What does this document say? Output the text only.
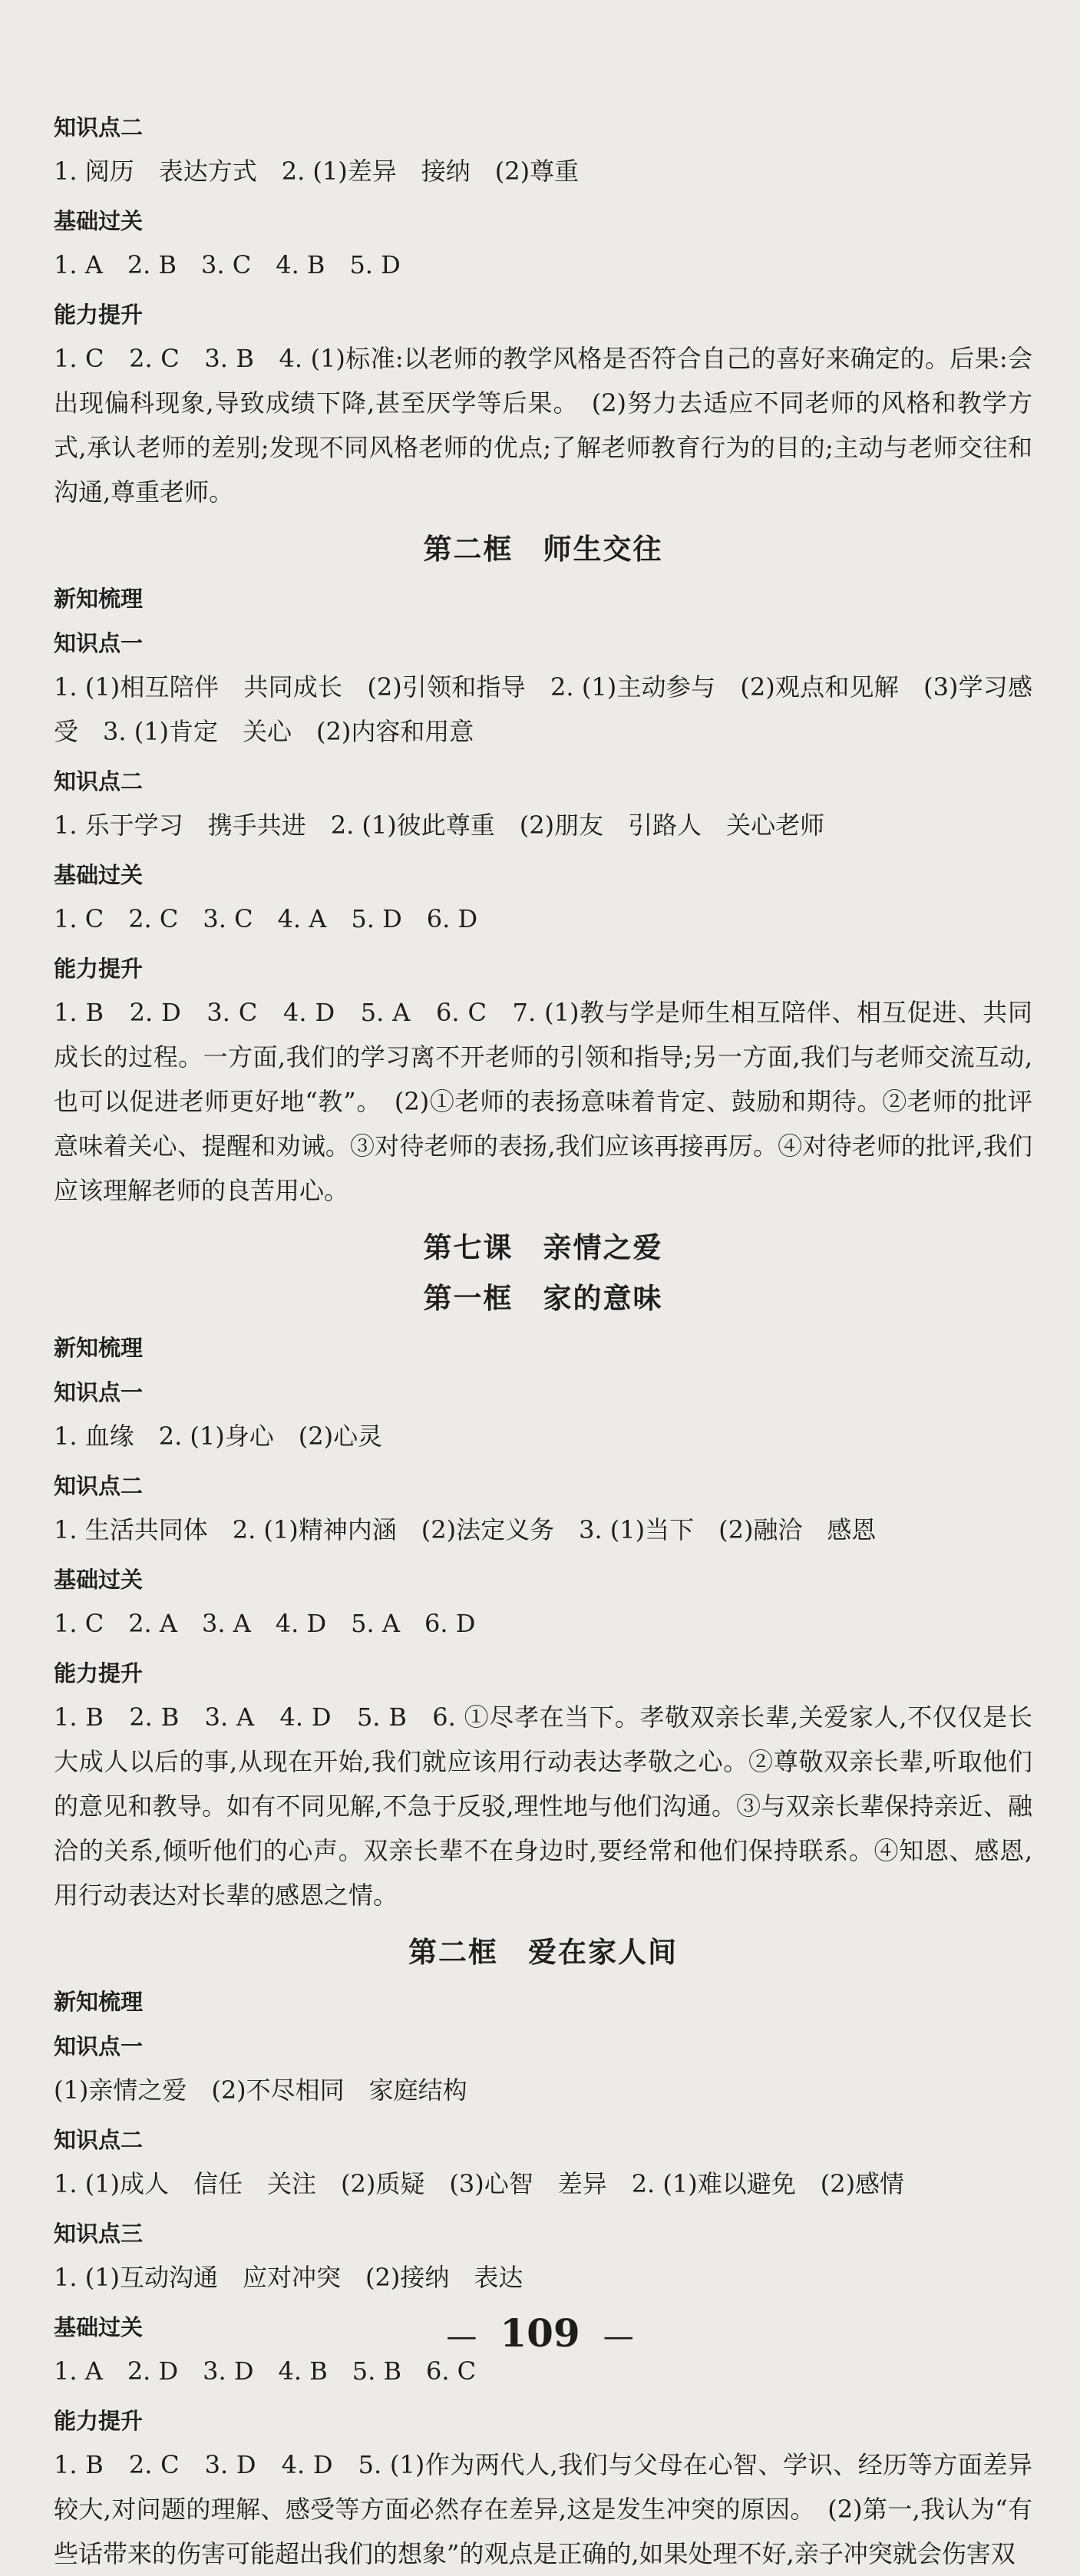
知识点二

1. 阅历　表达方式　2. (1)差异　接纳　(2)尊重

基础过关

1. A　2. B　3. C　4. B　5. D

能力提升

1. C　2. C　3. B　4. (1)标准:以老师的教学风格是否符合自己的喜好来确定的。后果:会出现偏科现象,导致成绩下降,甚至厌学等后果。　(2)努力去适应不同老师的风格和教学方式,承认老师的差别;发现不同风格老师的优点;了解老师教育行为的目的;主动与老师交往和沟通,尊重老师。

第二框　师生交往
新知梳理
知识点一

1. (1)相互陪伴　共同成长　(2)引领和指导　2. (1)主动参与　(2)观点和见解　(3)学习感受　3. (1)肯定　关心　(2)内容和用意

知识点二

1. 乐于学习　携手共进　2. (1)彼此尊重　(2)朋友　引路人　关心老师

基础过关

1. C　2. C　3. C　4. A　5. D　6. D

能力提升

1. B　2. D　3. C　4. D　5. A　6. C　7. (1)教与学是师生相互陪伴、相互促进、共同成长的过程。一方面,我们的学习离不开老师的引领和指导;另一方面,我们与老师交流互动,也可以促进老师更好地“教”。　(2)①老师的表扬意味着肯定、鼓励和期待。②老师的批评意味着关心、提醒和劝诫。③对待老师的表扬,我们应该再接再厉。④对待老师的批评,我们应该理解老师的良苦用心。

第七课　亲情之爱
第一框　家的意味
新知梳理
知识点一

1. 血缘　2. (1)身心　(2)心灵

知识点二

1. 生活共同体　2. (1)精神内涵　(2)法定义务　3. (1)当下　(2)融洽　感恩

基础过关

1. C　2. A　3. A　4. D　5. A　6. D

能力提升

1. B　2. B　3. A　4. D　5. B　6. ①尽孝在当下。孝敬双亲长辈,关爱家人,不仅仅是长大成人以后的事,从现在开始,我们就应该用行动表达孝敬之心。②尊敬双亲长辈,听取他们的意见和教导。如有不同见解,不急于反驳,理性地与他们沟通。③与双亲长辈保持亲近、融洽的关系,倾听他们的心声。双亲长辈不在身边时,要经常和他们保持联系。④知恩、感恩,用行动表达对长辈的感恩之情。

第二框　爱在家人间
新知梳理
知识点一

(1)亲情之爱　(2)不尽相同　家庭结构

知识点二

1. (1)成人　信任　关注　(2)质疑　(3)心智　差异　2. (1)难以避免　(2)感情

知识点三

1. (1)互动沟通　应对冲突　(2)接纳　表达

基础过关

1. A　2. D　3. D　4. B　5. B　6. C

能力提升

1. B　2. C　3. D　4. D　5. (1)作为两代人,我们与父母在心智、学识、经历等方面差异较大,对问题的理解、感受等方面必然存在差异,这是发生冲突的原因。　(2)第一,我认为“有些话带来的伤害可能超出我们的想象”的观点是正确的,如果处理不好,亲子冲突就会伤害双

— 109 —
